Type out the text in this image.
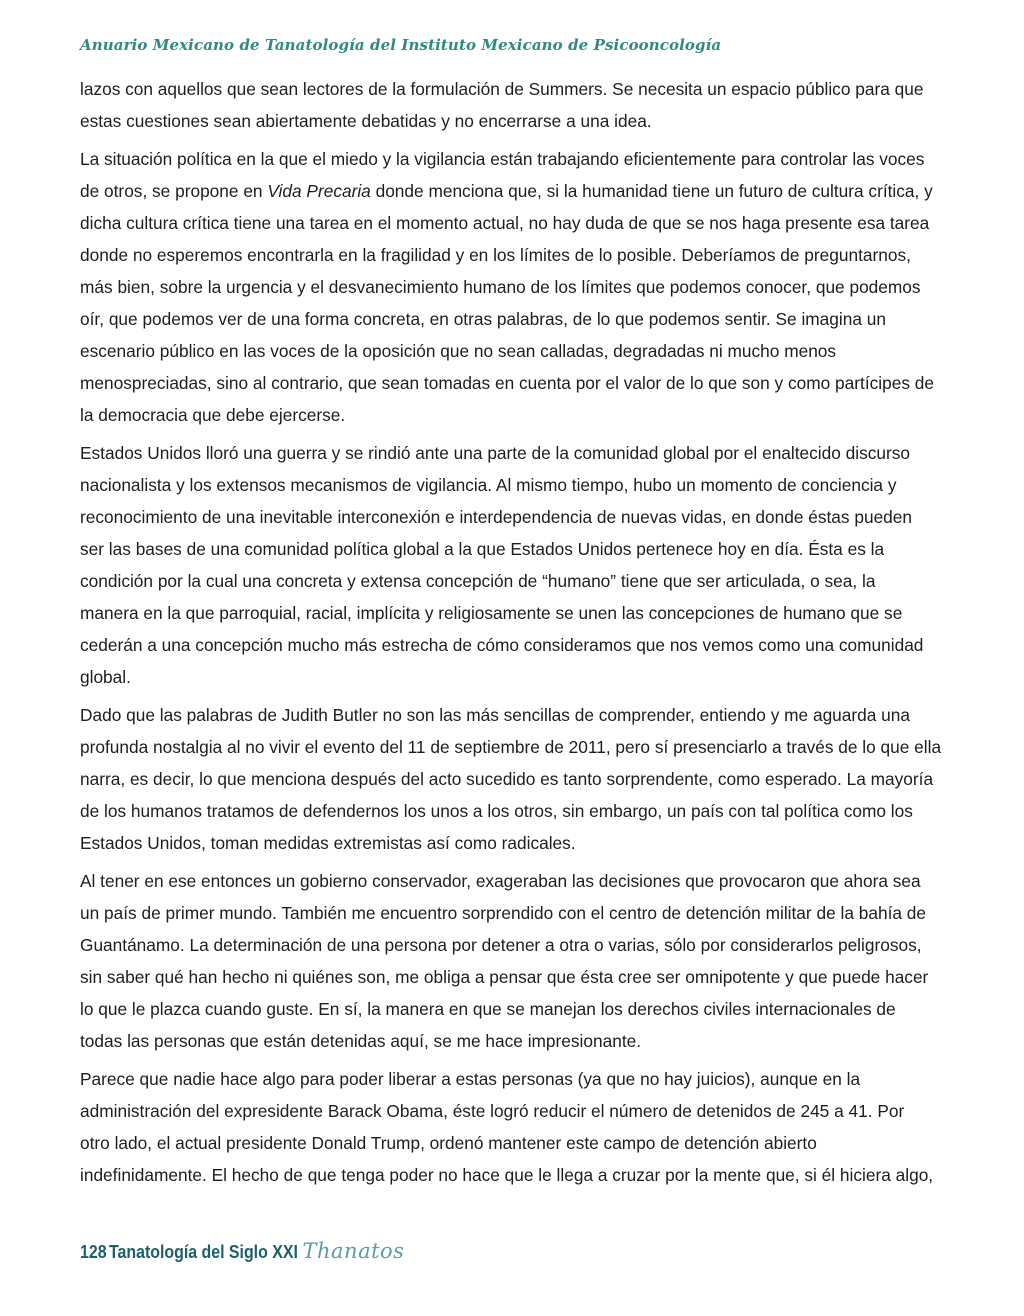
Anuario Mexicano de Tanatología del Instituto Mexicano de Psicooncología
lazos con aquellos que sean lectores de la formulación de Summers. Se necesita un espacio público para que
estas cuestiones sean abiertamente debatidas y no encerrarse a una idea.
La situación política en la que el miedo y la vigilancia están trabajando eficientemente para controlar las voces
de otros, se propone en Vida Precaria donde menciona que, si la humanidad tiene un futuro de cultura crítica, y
dicha cultura crítica tiene una tarea en el momento actual, no hay duda de que se nos haga presente esa tarea
donde no esperemos encontrarla en la fragilidad y en los límites de lo posible. Deberíamos de preguntarnos,
más bien, sobre la urgencia y el desvanecimiento humano de los límites que podemos conocer, que podemos
oír, que podemos ver de una forma concreta, en otras palabras, de lo que podemos sentir. Se imagina un
escenario público en las voces de la oposición que no sean calladas, degradadas ni mucho menos
menospreciadas, sino al contrario, que sean tomadas en cuenta por el valor de lo que son y como partícipes de
la democracia que debe ejercerse.
Estados Unidos lloró una guerra y se rindió ante una parte de la comunidad global por el enaltecido discurso
nacionalista y los extensos mecanismos de vigilancia. Al mismo tiempo, hubo un momento de conciencia y
reconocimiento de una inevitable interconexión e interdependencia de nuevas vidas, en donde éstas pueden
ser las bases de una comunidad política global a la que Estados Unidos pertenece hoy en día. Ésta es la
condición por la cual una concreta y extensa concepción de “humano” tiene que ser articulada, o sea, la
manera en la que parroquial, racial, implícita y religiosamente se unen las concepciones de humano que se
cederán a una concepción mucho más estrecha de cómo consideramos que nos vemos como una comunidad
global.
Dado que las palabras de Judith Butler no son las más sencillas de comprender, entiendo y me aguarda una
profunda nostalgia al no vivir el evento del 11 de septiembre de 2011, pero sí presenciarlo a través de lo que ella
narra, es decir, lo que menciona después del acto sucedido es tanto sorprendente, como esperado. La mayoría
de los humanos tratamos de defendernos los unos a los otros, sin embargo, un país con tal política como los
Estados Unidos, toman medidas extremistas así como radicales.
Al tener en ese entonces un gobierno conservador, exageraban las decisiones que provocaron que ahora sea
un país de primer mundo. También me encuentro sorprendido con el centro de detención militar de la bahía de
Guantánamo. La determinación de una persona por detener a otra o varias, sólo por considerarlos peligrosos,
sin saber qué han hecho ni quiénes son, me obliga a pensar que ésta cree ser omnipotente y que puede hacer
lo que le plazca cuando guste. En sí, la manera en que se manejan los derechos civiles internacionales de
todas las personas que están detenidas aquí, se me hace impresionante.
Parece que nadie hace algo para poder liberar a estas personas (ya que no hay juicios), aunque en la
administración del expresidente Barack Obama, éste logró reducir el número de detenidos de 245 a 41. Por
otro lado, el actual presidente Donald Trump, ordenó mantener este campo de detención abierto
indefinidamente. El hecho de que tenga poder no hace que le llega a cruzar por la mente que, si él hiciera algo,
128 Tanatología del Siglo XXI Thanatos
